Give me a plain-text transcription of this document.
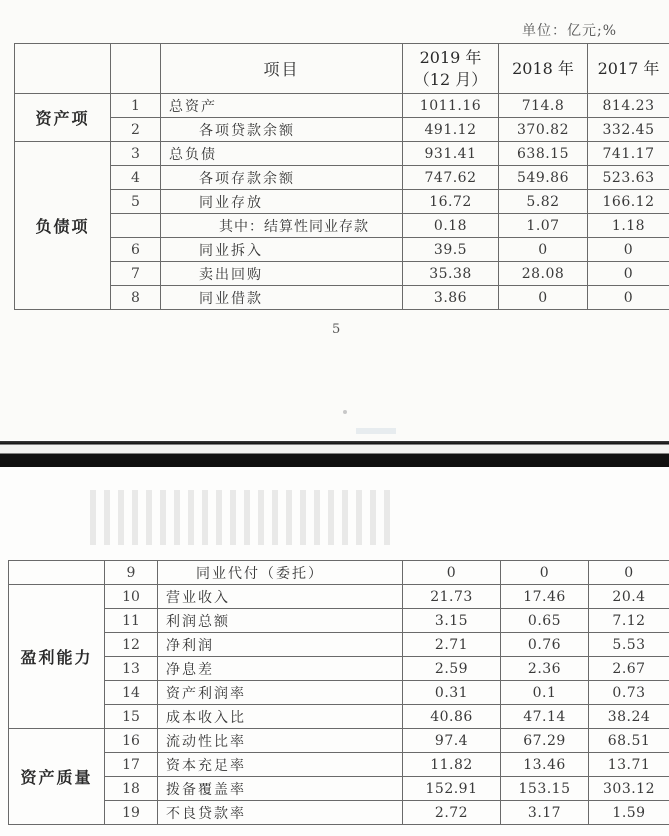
单位：亿元;%
		项目	2019 年
（12 月）	2018 年	2017 年
资产项	1	总资产	1011.16	714.8	814.23
	2	各项贷款余额	491.12	370.82	332.45
负债项	3	总负债	931.41	638.15	741.17
	4	各项存款余额	747.62	549.86	523.63
	5	同业存放	16.72	5.82	166.12
		其中：结算性同业存款	0.18	1.07	1.18
	6	同业拆入	39.5	0	0
	7	卖出回购	35.38	28.08	0
	8	同业借款	3.86	0	0
5
	9	同业代付（委托）	0	0	0
盈利能力	10	营业收入	21.73	17.46	20.4
	11	利润总额	3.15	0.65	7.12
	12	净利润	2.71	0.76	5.53
	13	净息差	2.59	2.36	2.67
	14	资产利润率	0.31	0.1	0.73
	15	成本收入比	40.86	47.14	38.24
资产质量	16	流动性比率	97.4	67.29	68.51
	17	资本充足率	11.82	13.46	13.71
	18	拨备覆盖率	152.91	153.15	303.12
	19	不良贷款率	2.72	3.17	1.59
